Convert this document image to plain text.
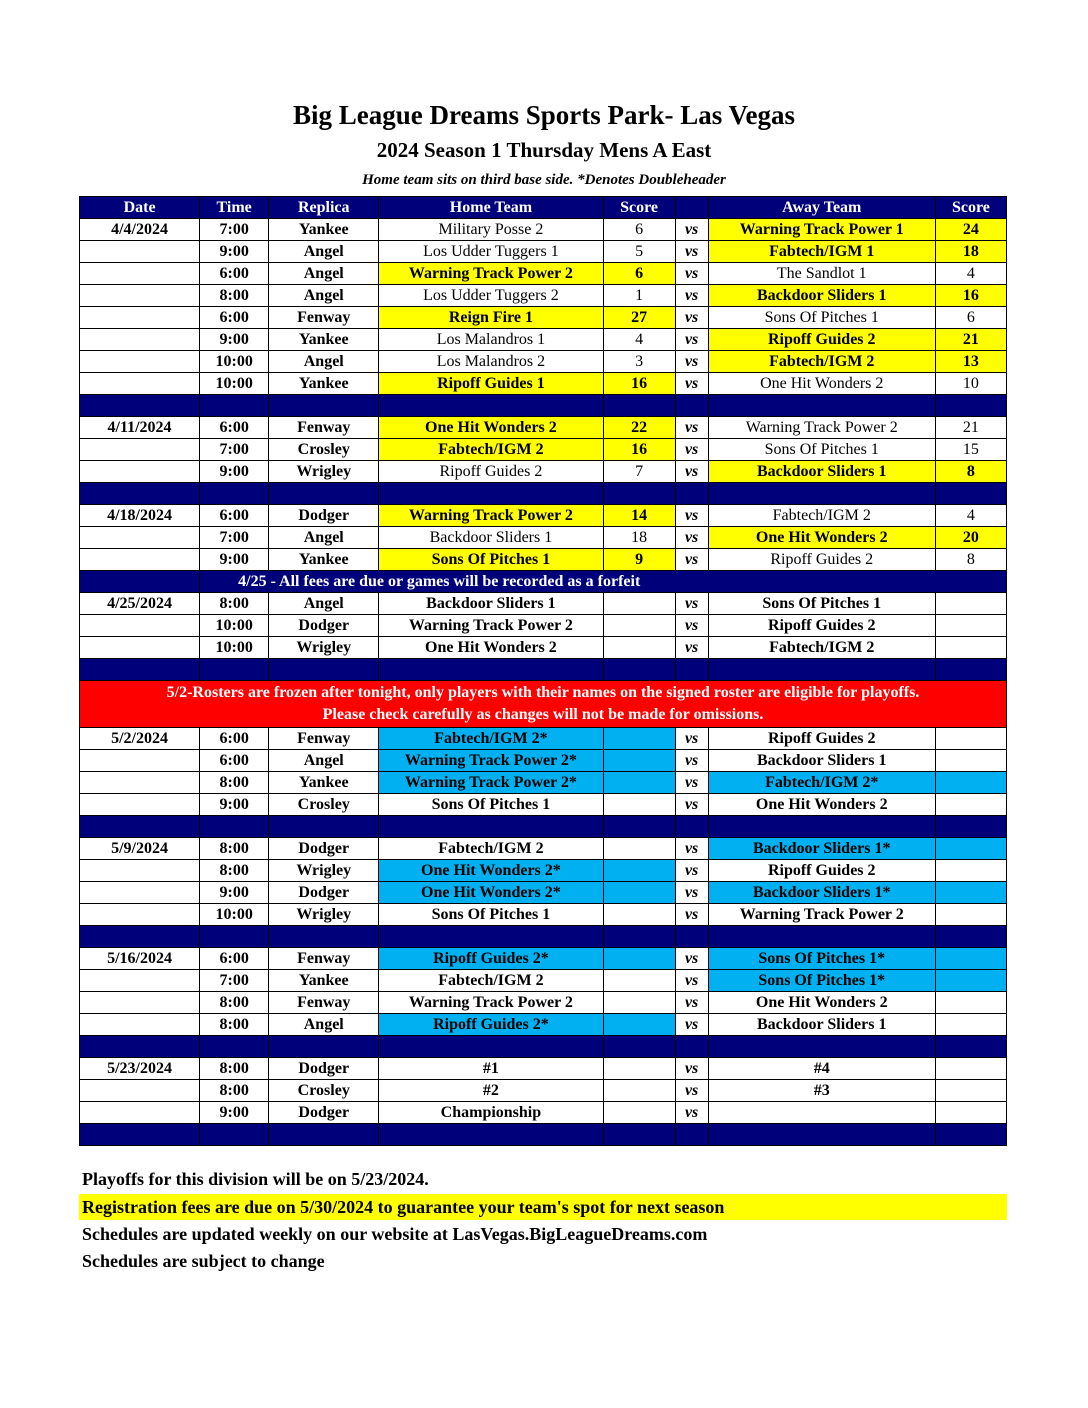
Big League Dreams Sports Park- Las Vegas
2024 Season 1 Thursday Mens A East
Home team sits on third base side. *Denotes Doubleheader
Date	Time	Replica	Home Team	Score		Away Team	Score
4/4/2024	7:00	Yankee	Military Posse 2	6	vs	Warning Track Power 1	24
	9:00	Angel	Los Udder Tuggers 1	5	vs	Fabtech/IGM 1	18
	6:00	Angel	Warning Track Power 2	6	vs	The Sandlot 1	4
	8:00	Angel	Los Udder Tuggers 2	1	vs	Backdoor Sliders 1	16
	6:00	Fenway	Reign Fire 1	27	vs	Sons Of Pitches 1	6
	9:00	Yankee	Los Malandros 1	4	vs	Ripoff Guides 2	21
	10:00	Angel	Los Malandros 2	3	vs	Fabtech/IGM 2	13
	10:00	Yankee	Ripoff Guides 1	16	vs	One Hit Wonders 2	10

4/11/2024	6:00	Fenway	One Hit Wonders 2	22	vs	Warning Track Power 2	21
	7:00	Crosley	Fabtech/IGM 2	16	vs	Sons Of Pitches 1	15
	9:00	Wrigley	Ripoff Guides 2	7	vs	Backdoor Sliders 1	8

4/18/2024	6:00	Dodger	Warning Track Power 2	14	vs	Fabtech/IGM 2	4
	7:00	Angel	Backdoor Sliders 1	18	vs	One Hit Wonders 2	20
	9:00	Yankee	Sons Of Pitches 1	9	vs	Ripoff Guides 2	8
	4/25 - All fees are due or games will be recorded as a forfeit						
4/25/2024	8:00	Angel	Backdoor Sliders 1		vs	Sons Of Pitches 1	
	10:00	Dodger	Warning Track Power 2		vs	Ripoff Guides 2	
	10:00	Wrigley	One Hit Wonders 2		vs	Fabtech/IGM 2	

5/2-Rosters are frozen after tonight, only players with their names on the signed roster are eligible for playoffs.
Please check carefully as changes will not be made for omissions.							

5/2/2024	6:00	Fenway	Fabtech/IGM 2*		vs	Ripoff Guides 2	
	6:00	Angel	Warning Track Power 2*		vs	Backdoor Sliders 1	
	8:00	Yankee	Warning Track Power 2*		vs	Fabtech/IGM 2*	
	9:00	Crosley	Sons Of Pitches 1		vs	One Hit Wonders 2	

5/9/2024	8:00	Dodger	Fabtech/IGM 2		vs	Backdoor Sliders 1*	
	8:00	Wrigley	One Hit Wonders 2*		vs	Ripoff Guides 2	
	9:00	Dodger	One Hit Wonders 2*		vs	Backdoor Sliders 1*	
	10:00	Wrigley	Sons Of Pitches 1		vs	Warning Track Power 2	

5/16/2024	6:00	Fenway	Ripoff Guides 2*		vs	Sons Of Pitches 1*	
	7:00	Yankee	Fabtech/IGM 2		vs	Sons Of Pitches 1*	
	8:00	Fenway	Warning Track Power 2		vs	One Hit Wonders 2	
	8:00	Angel	Ripoff Guides 2*		vs	Backdoor Sliders 1	

5/23/2024	8:00	Dodger	#1		vs	#4	
	8:00	Crosley	#2		vs	#3	
	9:00	Dodger	Championship		vs		

Playoffs for this division will be on 5/23/2024.
Registration fees are due on 5/30/2024 to guarantee your team's spot for next season
Schedules are updated weekly on our website at LasVegas.BigLeagueDreams.com
Schedules are subject to change
